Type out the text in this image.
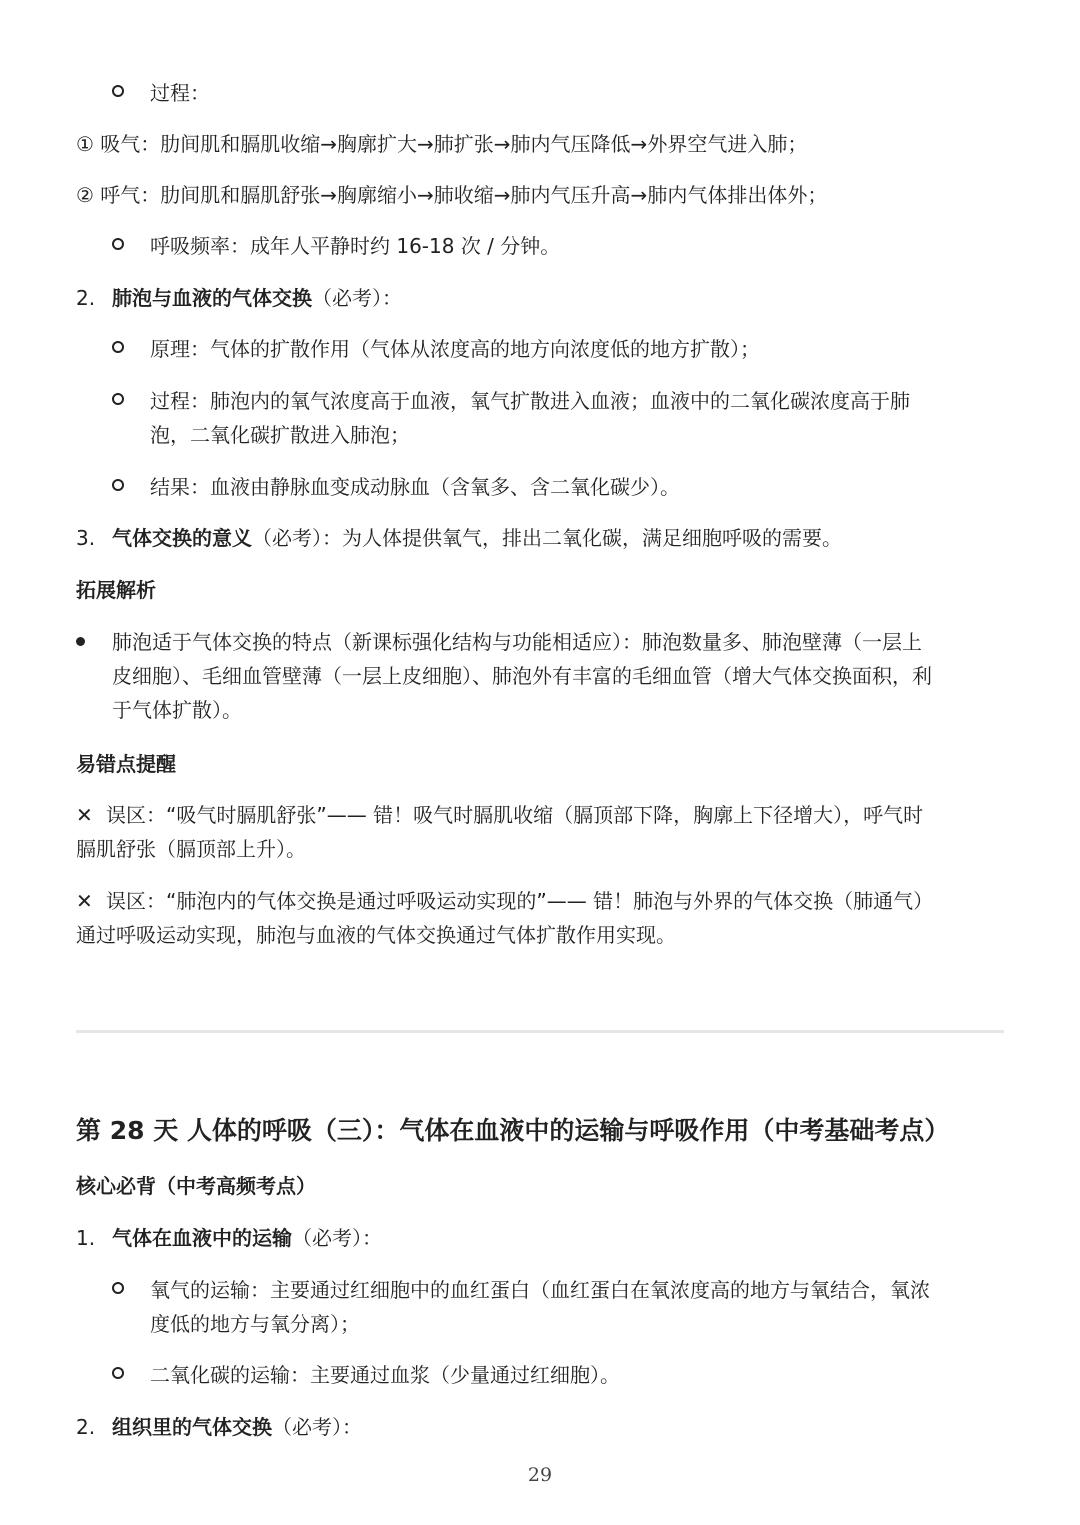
过程：
① 吸气：肋间肌和膈肌收缩→胸廓扩大→肺扩张→肺内气压降低→外界空气进入肺；
② 呼气：肋间肌和膈肌舒张→胸廓缩小→肺收缩→肺内气压升高→肺内气体排出体外；
呼吸频率：成年人平静时约 16-18 次 / 分钟。
2. 肺泡与血液的气体交换（必考）：
原理：气体的扩散作用（气体从浓度高的地方向浓度低的地方扩散）；
过程：肺泡内的氧气浓度高于血液，氧气扩散进入血液；血液中的二氧化碳浓度高于肺
泡，二氧化碳扩散进入肺泡；
结果：血液由静脉血变成动脉血（含氧多、含二氧化碳少）。
3. 气体交换的意义（必考）：为人体提供氧气，排出二氧化碳，满足细胞呼吸的需要。
拓展解析
肺泡适于气体交换的特点（新课标强化结构与功能相适应）：肺泡数量多、肺泡壁薄（一层上
皮细胞）、毛细血管壁薄（一层上皮细胞）、肺泡外有丰富的毛细血管（增大气体交换面积，利
于气体扩散）。
易错点提醒
✕ 误区：“吸气时膈肌舒张”—— 错！吸气时膈肌收缩（膈顶部下降，胸廓上下径增大），呼气时
膈肌舒张（膈顶部上升）。
✕ 误区：“肺泡内的气体交换是通过呼吸运动实现的”—— 错！肺泡与外界的气体交换（肺通气）
通过呼吸运动实现，肺泡与血液的气体交换通过气体扩散作用实现。
第 28 天 人体的呼吸（三）：气体在血液中的运输与呼吸作用（中考基础考点）
核心必背（中考高频考点）
1. 气体在血液中的运输（必考）：
氧气的运输：主要通过红细胞中的血红蛋白（血红蛋白在氧浓度高的地方与氧结合，氧浓
度低的地方与氧分离）；
二氧化碳的运输：主要通过血浆（少量通过红细胞）。
2. 组织里的气体交换（必考）：
29
